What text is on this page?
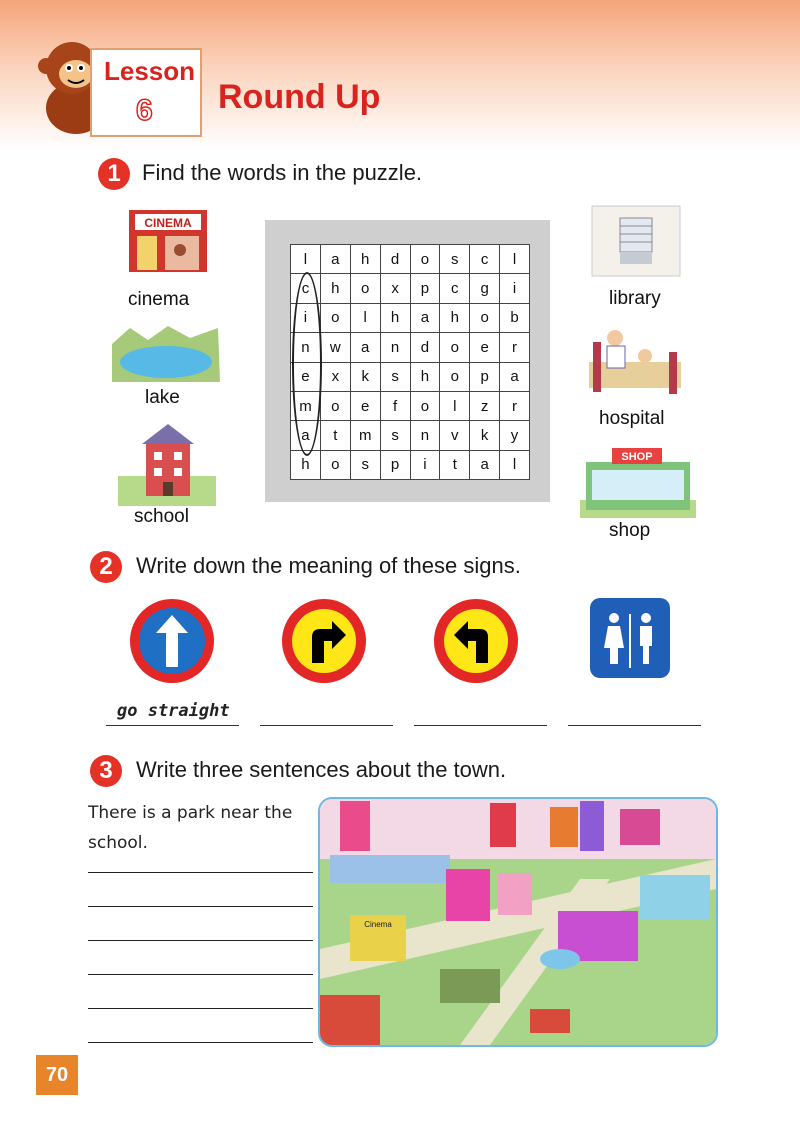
Lesson
6 Round Up
1 Find the words in the puzzle.
CINEMA
cinema
lake
school
l	a	h	d	o	s	c	l
c	h	o	x	p	c	g	i
i	o	l	h	a	h	o	b
n	w	a	n	d	o	e	r
e	x	k	s	h	o	p	a
m	o	e	f	o	l	z	r
a	t	m	s	n	v	k	y
h	o	s	p	i	t	a	l
library
hospital
SHOP
shop
2	Write down the meaning of these signs.
go straight
3	Write three sentences about the town.
There is a park near the school.
Cinema
70
